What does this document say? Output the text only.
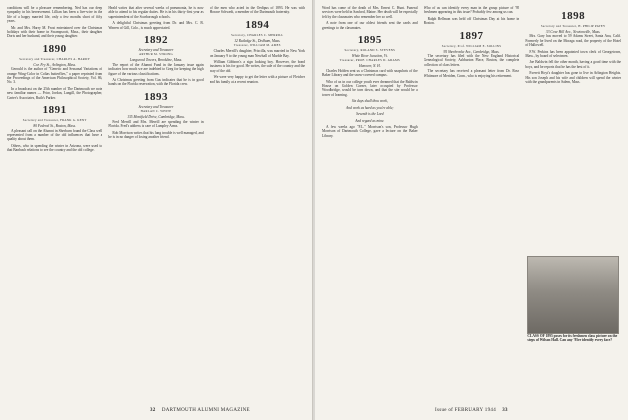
conditions will be a pleasure remembering. Ned has our deep sympathy in his bereavement. Lillian has been a live-wire in the life of a happy married life, only a few months short of fifty years.

Mr. and Mrs. Harry M. Frost entertained over the Christmas holidays with their home in Swampscott, Mass., their daughter Doris and her husband, and their young daughter.

1890
Secretary and Treasurer, CHARLES A. HARDY
Cor. Fry St., Arlington, Mass.

Gerould is the author of "Genetic and Seasonal Variations of orange Wing-Color in Colias butterflies," a paper reprinted from the Proceedings of the American Philosophical Society, Vol. 86, No. 3.

In a broadcast on the 25th number of The Dartmouth we note new familiar names — Prior, Jordan, Langill, the Photographer, Carter's Associates, Ruth's Parker.

1891
Secretary and Treasurer, FRANK G. KENT
80 Federal St., Boston, Mass.

A pleasant call on the Alumni in Sherburn found the Class well represented from a number of the old influences that have a quality about them.

Others, who in spending the winter in Arizona, were used to that Banbush relations to see the country and the old college.

Heald writes that after several weeks of pneumonia, he is now able to attend to his regular duties. He is in his thirty-first year as superintendent of the Scarborough schools.

A delightful Christmas greeting from Dr. and Mrs. C. B. Warren of Gill, Colo., is much appreciated.

1892
Secretary and Treasurer
ARTHUR M. STRONG
Longwood Towers, Brookline, Mass.

The report of the Alumni Fund in the January issue again indicates how much we are indebted to Greg for keeping the high figure of the various classifications.

At Christmas greeting from Gus indicates that he is in good hands on the Florida reservation, with the Florida crew.

1893
Secretary and Treasurer
HARLAN C. WHITE
135 Montfield Drive, Cambridge, Mass.

Fred Merrill and Mrs. Merrill are spending the winter in Florida. Fred's address is care of Lampley Arms.

Rob Morrison writes that his lung trouble is well managed, and he is in no danger of losing another friend.

of the men who acted in the Oedipus of 1893. He was with Horace Schwedt, a member of the Dartmouth fraternity.

1894
Secretary, CHARLES C. MERRILL
12 Rutledge St., Dedham, Mass.
Treasurer, WILLIAM M. AMES

Charles Merrill's daughter, Priscilla, was married in New York on January 9 to the young man Newhall of Marble Bay.

William Gibbons's a sign looking boy. However, the bond business is his for good. He writes, the sale of the country and the way of the old.

We were very happy to get the letter with a picture of Fletcher and his family at a recent reunion.

32 DARTMOUTH ALUMNI MAGAZINE

Word has come of the death of Mrs. Ernest C. Hunt. Funeral services were held in Sanford, Maine. Her death will be especially felt by the classmates who remember her so well.

A note from one of our oldest friends sent the cards and greetings to the classmates.

1895
Secretary, ROLAND S. STEVENS
White River Junction, Vt.
Treasurer, PROF. CHARLES D. ADAMS
Hanover, N. H.

Charles Holden sent us a Christmas card with snapshots of the Baker Library and the snow-covered campus.

Who of us in our college youth ever dreamed that the Baldwin House on Golden Corner, later occupied by Professor Woodbridge, would be torn down, and that the site would be a tower of learning.

Six days shall thou work,
And work as hard as you're able;
Seventh is the Lord
And regard as mine.

A few weeks ago "F.L." Morrison's son, Professor Hugh Morrison of Dartmouth College, gave a lecture on the Baker Library.

Who of us can identify every man in the group picture of '95 freshmen appearing in this issue? Probably few among us can.

Ralph Bellmon was held off Christmas Day at his home in Boston.

1897
Secretary, Prof. WILLIAM E. SOLLINS
95 Sherbrooke Ave., Cambridge, Mass.

The secretary has filed with the New England Historical Genealogical Society, Ashburton Place, Boston, the complete collection of class letters.

The secretary has received a pleasant letter from Dr. Ross Whitmore of Meriden, Conn., who is enjoying his retirement.

1898
Secretary and Treasurer, H. PHILIP PATEY
33 Cove Hill Ave., Newtonville, Mass.

Mrs. Gary has moved to 59 Adams Street, Santa Ana, Calif. Formerly he lived on the Moraga road, the property of the Hotel of Hallowell.

F.W. Perkins has been appointed town clerk of Georgetown, Mass., by board of selectmen.

Joe Baldwin fell the other month, having a good time with the boys, and he reports that he has the best of it.

Everett Hoyt's daughter has gone to live in Arlington Heights. His son Joseph and his wife and children will spend the winter with the grandparents in Salem, Mass.

CLASS OF 1895 poses for its freshmen class picture on the steps of Wilson Hall. Can any '95er identify every face?
Issue of FEBRUARY 1944 33
